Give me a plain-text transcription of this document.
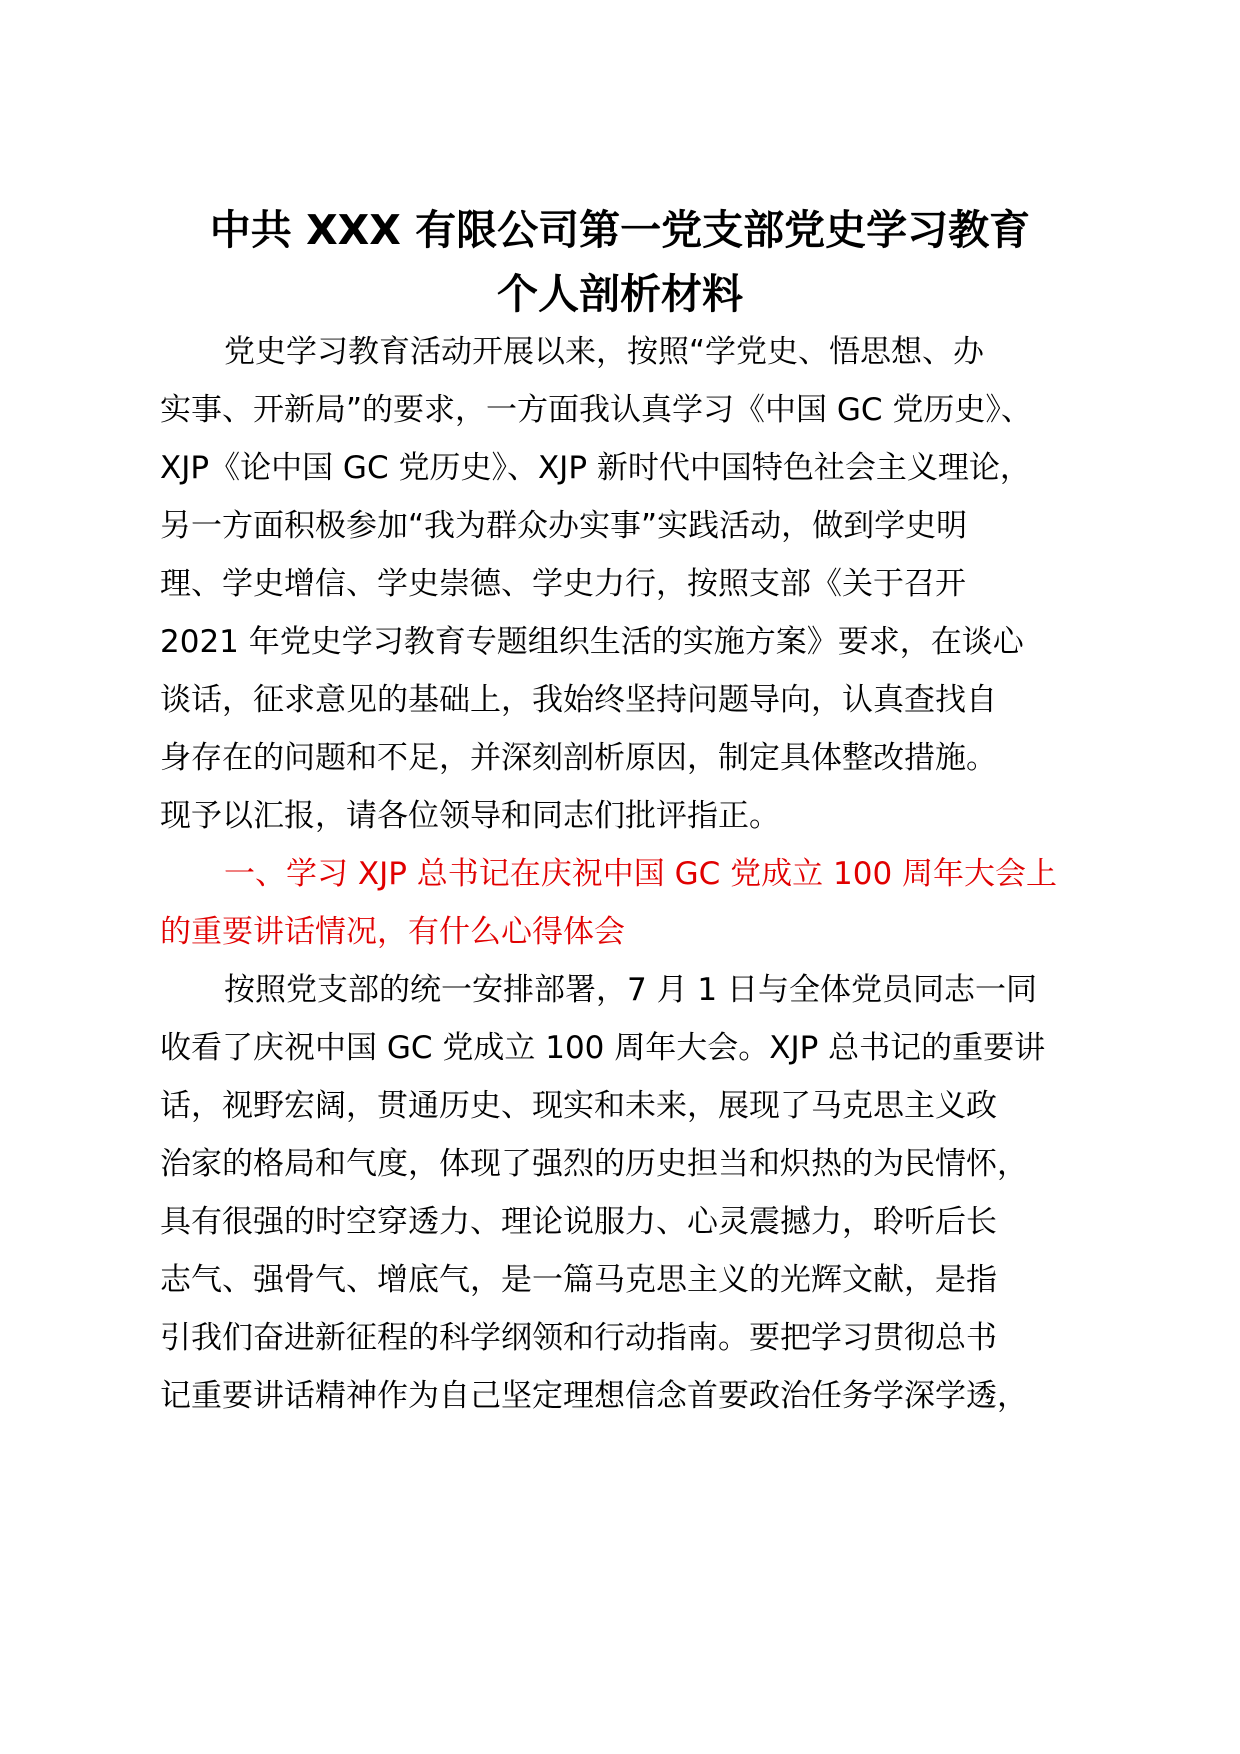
中共 XXX 有限公司第一党支部党史学习教育
个人剖析材料
党史学习教育活动开展以来，按照“学党史、悟思想、办
实事、开新局”的要求，一方面我认真学习《中国 GC 党历史》、
XJP《论中国 GC 党历史》、XJP 新时代中国特色社会主义理论，
另一方面积极参加“我为群众办实事”实践活动，做到学史明
理、学史增信、学史崇德、学史力行，按照支部《关于召开
2021 年党史学习教育专题组织生活的实施方案》要求，在谈心
谈话，征求意见的基础上，我始终坚持问题导向，认真查找自
身存在的问题和不足，并深刻剖析原因，制定具体整改措施。
现予以汇报，请各位领导和同志们批评指正。
一、学习 XJP 总书记在庆祝中国 GC 党成立 100 周年大会上
的重要讲话情况，有什么心得体会
按照党支部的统一安排部署，7 月 1 日与全体党员同志一同
收看了庆祝中国 GC 党成立 100 周年大会。XJP 总书记的重要讲
话，视野宏阔，贯通历史、现实和未来，展现了马克思主义政
治家的格局和气度，体现了强烈的历史担当和炽热的为民情怀，
具有很强的时空穿透力、理论说服力、心灵震撼力，聆听后长
志气、强骨气、增底气，是一篇马克思主义的光辉文献，是指
引我们奋进新征程的科学纲领和行动指南。要把学习贯彻总书
记重要讲话精神作为自己坚定理想信念首要政治任务学深学透，
